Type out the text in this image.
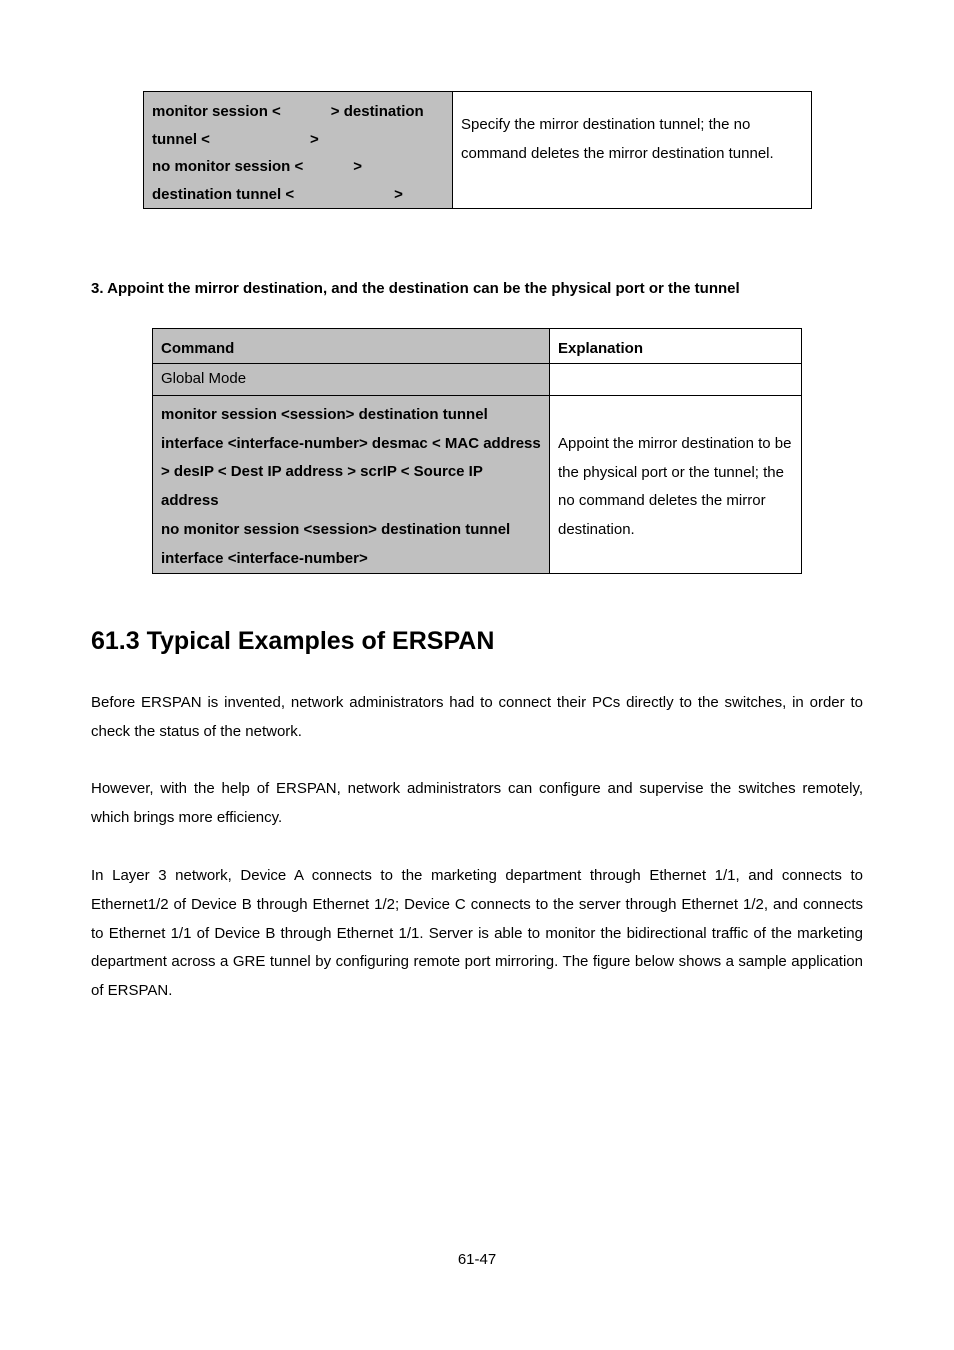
monitor session <            > destination
tunnel <                        >
no monitor session <            >
destination tunnel <                        >
	Specify the mirror destination tunnel; the no command deletes the mirror destination tunnel.
3. Appoint the mirror destination, and the destination can be the physical port or the tunnel
Command	Explanation
Global Mode	

monitor session <session> destination tunnel interface <interface-number> desmac < MAC address > desIP < Dest IP address > scrIP < Source IP address
no monitor session <session> destination tunnel interface <interface-number>	Appoint the mirror destination to be the physical port or the tunnel; the no command deletes the mirror destination.
61.3 Typical Examples of ERSPAN
Before ERSPAN is invented, network administrators had to connect their PCs directly to the switches, in order to check the status of the network.
However, with the help of ERSPAN, network administrators can configure and supervise the switches remotely, which brings more efficiency.
In Layer 3 network, Device A connects to the marketing department through Ethernet 1/1, and connects to Ethernet1/2 of Device B through Ethernet 1/2; Device C connects to the server through Ethernet 1/2, and connects to Ethernet 1/1 of Device B through Ethernet 1/1. Server is able to monitor the bidirectional traffic of the marketing department across a GRE tunnel by configuring remote port mirroring. The figure below shows a sample application of ERSPAN.
61-47
